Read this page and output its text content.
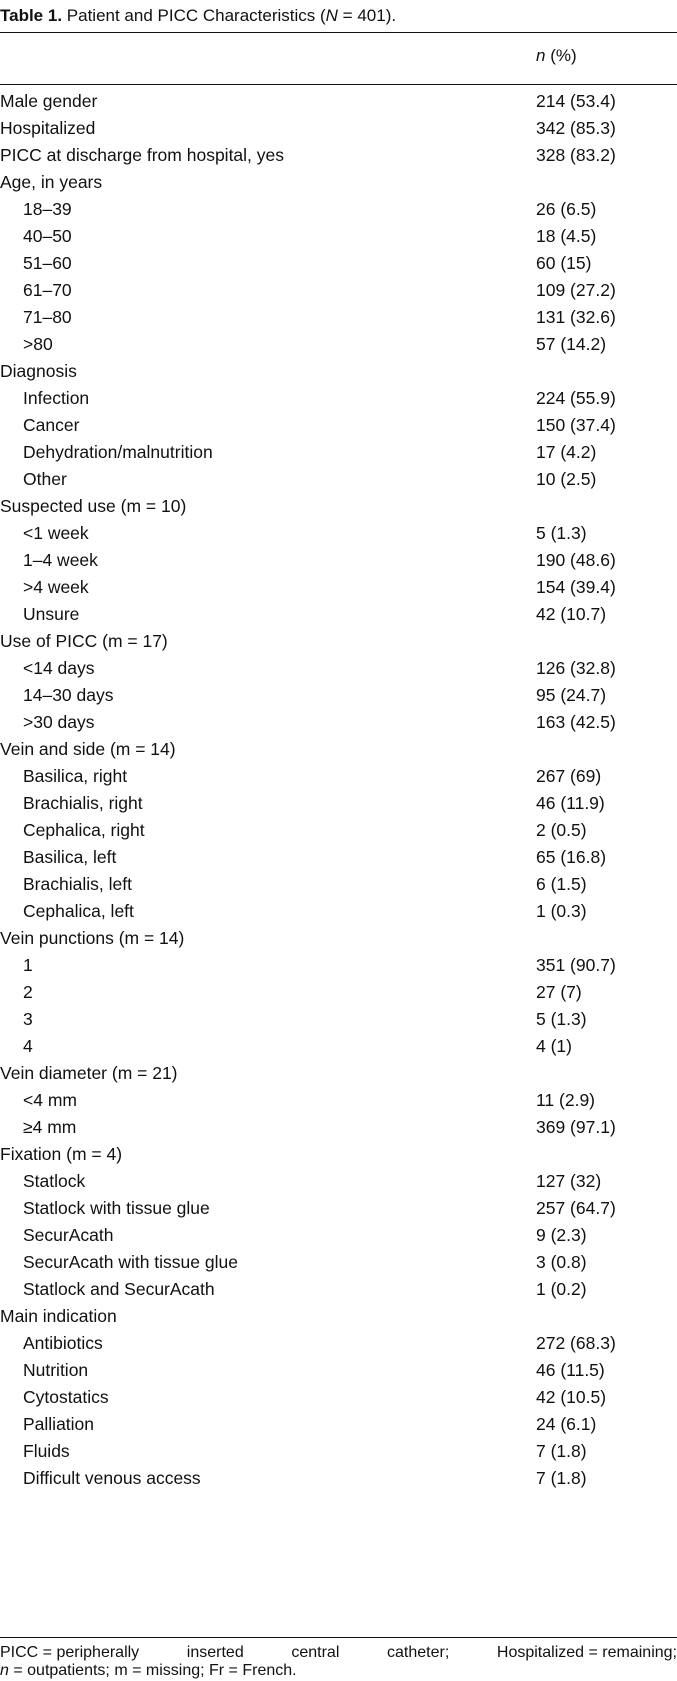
Table 1. Patient and PICC Characteristics (N = 401).
n (%)
Male gender	214 (53.4)
Hospitalized	342 (85.3)
PICC at discharge from hospital, yes	328 (83.2)
Age, in years
18–39	26 (6.5)
40–50	18 (4.5)
51–60	60 (15)
61–70	109 (27.2)
71–80	131 (32.6)
>80	57 (14.2)
Diagnosis
Infection	224 (55.9)
Cancer	150 (37.4)
Dehydration/malnutrition	17 (4.2)
Other	10 (2.5)
Suspected use (m = 10)
<1 week	5 (1.3)
1–4 week	190 (48.6)
>4 week	154 (39.4)
Unsure	42 (10.7)
Use of PICC (m = 17)
<14 days	126 (32.8)
14–30 days	95 (24.7)
>30 days	163 (42.5)
Vein and side (m = 14)
Basilica, right	267 (69)
Brachialis, right	46 (11.9)
Cephalica, right	2 (0.5)
Basilica, left	65 (16.8)
Brachialis, left	6 (1.5)
Cephalica, left	1 (0.3)
Vein punctions (m = 14)
1	351 (90.7)
2	27 (7)
3	5 (1.3)
4	4 (1)
Vein diameter (m = 21)
<4 mm	11 (2.9)
≥4 mm	369 (97.1)
Fixation (m = 4)
Statlock	127 (32)
Statlock with tissue glue	257 (64.7)
SecurAcath	9 (2.3)
SecurAcath with tissue glue	3 (0.8)
Statlock and SecurAcath	1 (0.2)
Main indication
Antibiotics	272 (68.3)
Nutrition	46 (11.5)
Cytostatics	42 (10.5)
Palliation	24 (6.1)
Fluids	7 (1.8)
Difficult venous access	7 (1.8)
PICC = peripherally	inserted	central	catheter;	Hospitalized = remaining;
n = outpatients; m = missing; Fr = French.
